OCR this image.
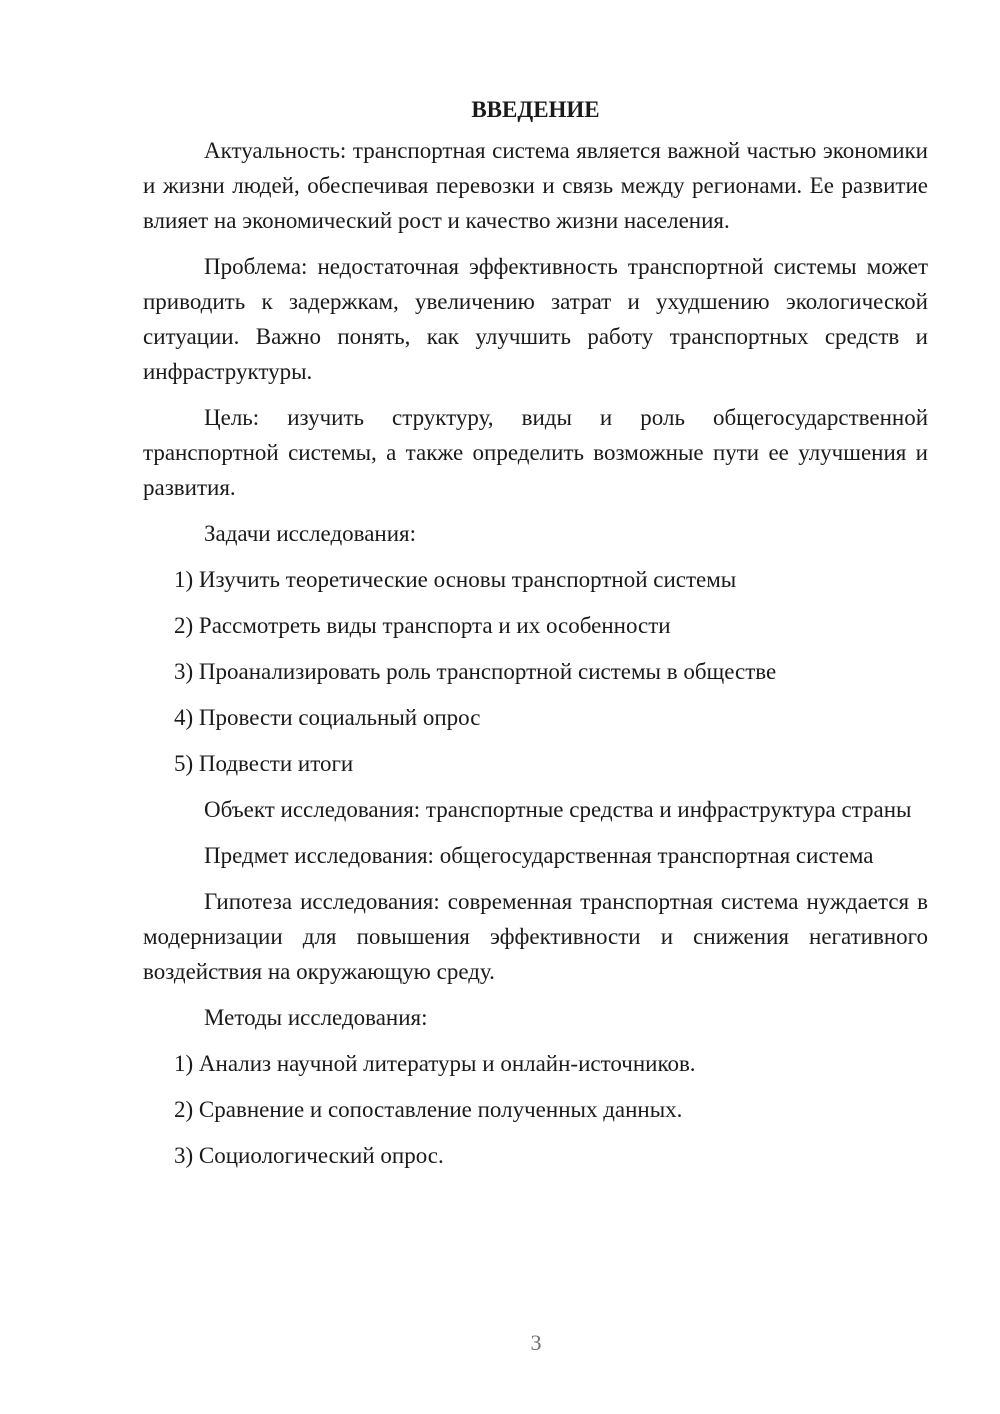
ВВЕДЕНИЕ

Актуальность: транспортная система является важной частью экономики и жизни людей, обеспечивая перевозки и связь между регионами. Ее развитие влияет на экономический рост и качество жизни населения.

Проблема: недостаточная эффективность транспортной системы может приводить к задержкам, увеличению затрат и ухудшению экологической ситуации. Важно понять, как улучшить работу транспортных средств и инфраструктуры.

Цель: изучить структуру, виды и роль общегосударственной транспортной системы, а также определить возможные пути ее улучшения и развития.

Задачи исследования:

1) Изучить теоретические основы транспортной системы

2) Рассмотреть виды транспорта и их особенности

3) Проанализировать роль транспортной системы в обществе

4) Провести социальный опрос

5) Подвести итоги

Объект исследования: транспортные средства и инфраструктура страны

Предмет исследования: общегосударственная транспортная система

Гипотеза исследования: современная транспортная система нуждается в модернизации для повышения эффективности и снижения негативного воздействия на окружающую среду.

Методы исследования:

1) Анализ научной литературы и онлайн-источников.

2) Сравнение и сопоставление полученных данных.

3) Социологический опрос.

3
